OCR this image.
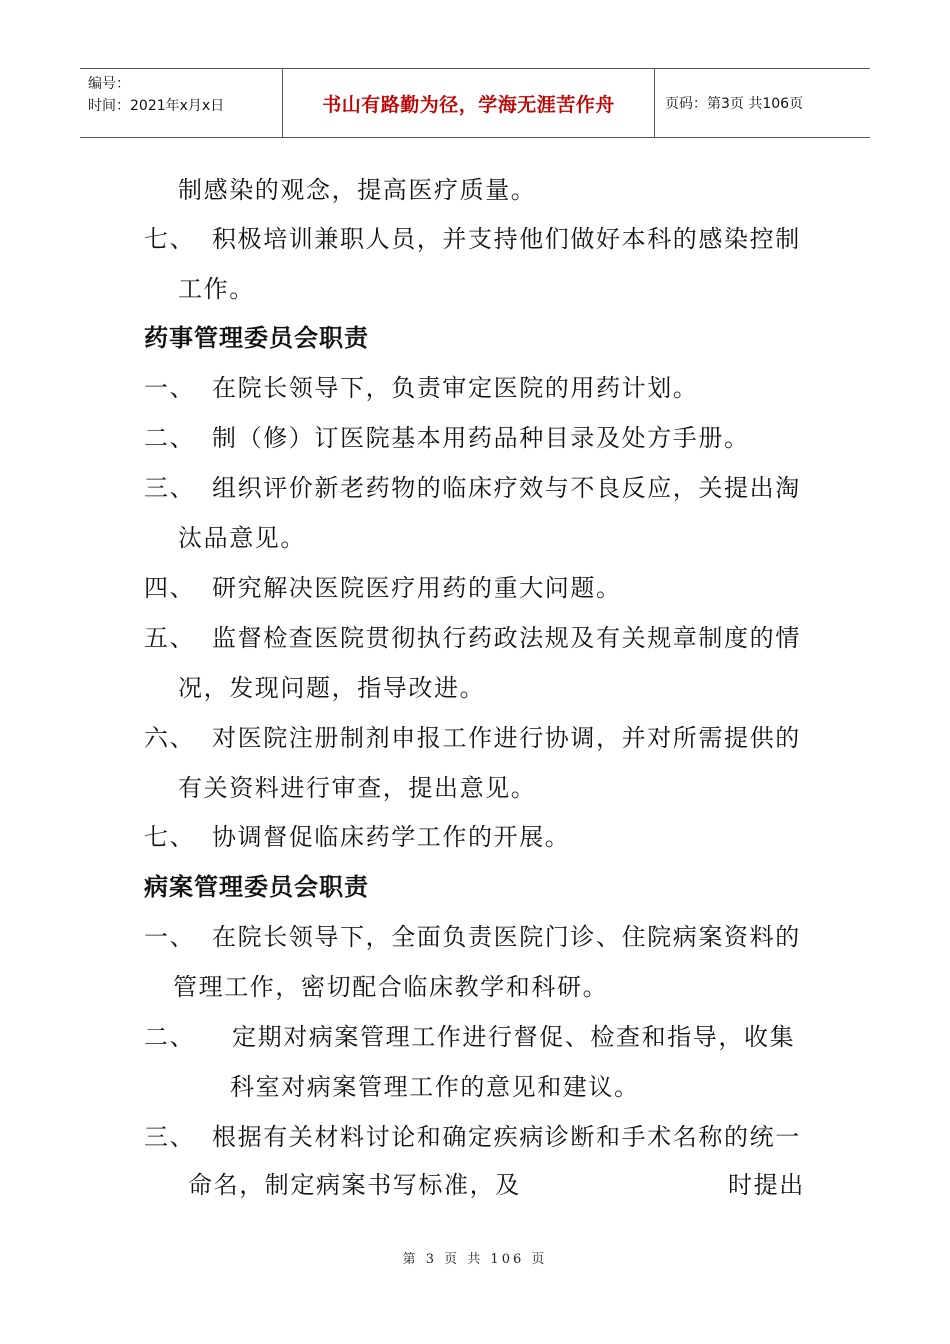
编号：
时间：2021年x月x日	书山有路勤为径，学海无涯苦作舟	页码：第3页 共106页
制感染的观念，提高医疗质量。
七、 积极培训兼职人员，并支持他们做好本科的感染控制
工作。
药事管理委员会职责
一、 在院长领导下，负责审定医院的用药计划。
二、 制（修）订医院基本用药品种目录及处方手册。
三、 组织评价新老药物的临床疗效与不良反应，关提出淘
汰品意见。
四、 研究解决医院医疗用药的重大问题。
五、 监督检查医院贯彻执行药政法规及有关规章制度的情
况，发现问题，指导改进。
六、 对医院注册制剂申报工作进行协调，并对所需提供的
有关资料进行审查，提出意见。
七、 协调督促临床药学工作的开展。
病案管理委员会职责
一、 在院长领导下，全面负责医院门诊、住院病案资料的
管理工作，密切配合临床教学和科研。
二、 定期对病案管理工作进行督促、检查和指导，收集
科室对病案管理工作的意见和建议。
三、 根据有关材料讨论和确定疾病诊断和手术名称的统一
命名，制定病案书写标准，及	时提出
第 3 页 共 106 页
